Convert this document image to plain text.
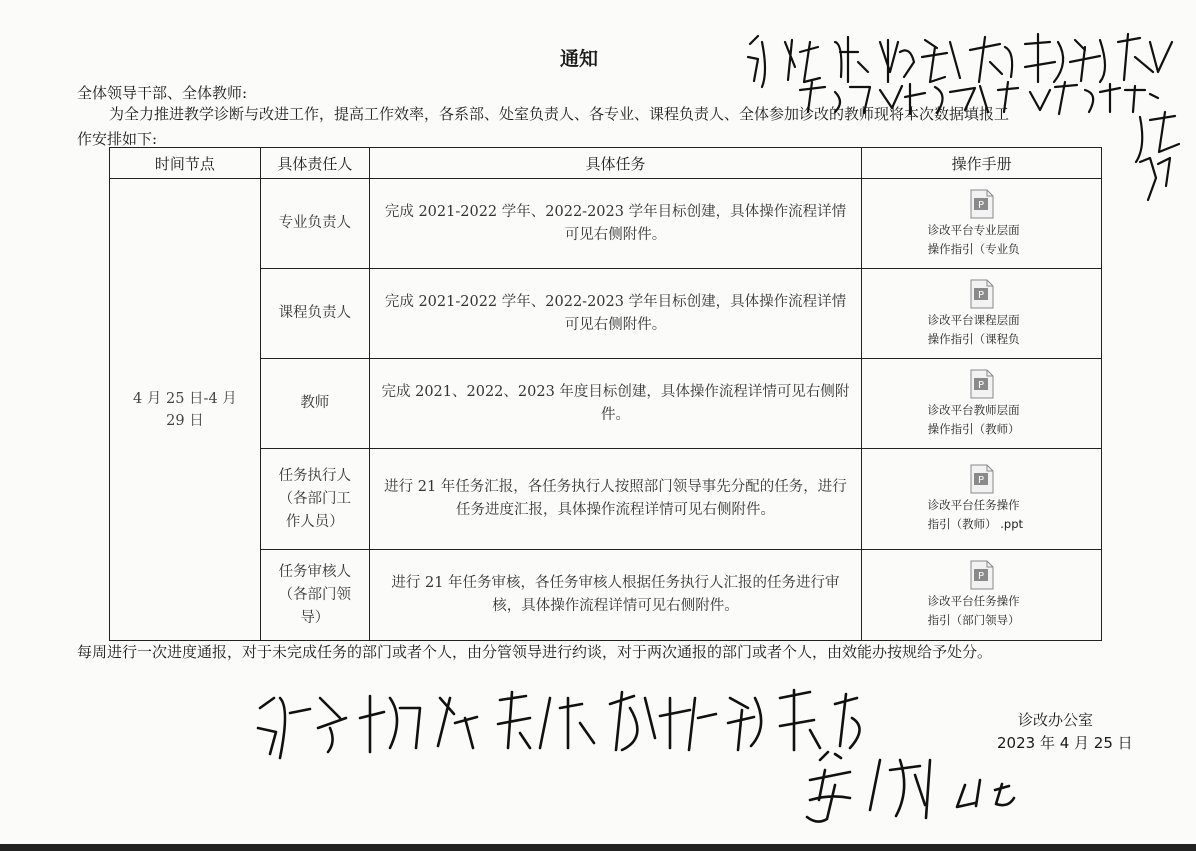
通知
全体领导干部、全体教师:
为全力推进教学诊断与改进工作，提高工作效率，各系部、处室负责人、各专业、课程负责人、全体参加诊改的教师现将本次数据填报工
作安排如下:
时间节点	具体责任人	具体任务	操作手册

4 月 25 日-4 月 29 日	专业负责人	完成 2021-2022 学年、2022-2023 学年目标创建，具体操作流程详情可见右侧附件。	P
诊改平台专业层面
操作指引（专业负

	课程负责人	完成 2021-2022 学年、2022-2023 学年目标创建，具体操作流程详情可见右侧附件。	P
诊改平台课程层面
操作指引（课程负

	教师	完成 2021、2022、2023 年度目标创建，具体操作流程详情可见右侧附件。	P
诊改平台教师层面
操作指引（教师）

	任务执行人（各部门工作人员）	进行 21 年任务汇报，各任务执行人按照部门领导事先分配的任务，进行任务进度汇报，具体操作流程详情可见右侧附件。	P
诊改平台任务操作
指引（教师） .ppt

	任务审核人（各部门领导）	进行 21 年任务审核，各任务审核人根据任务执行人汇报的任务进行审核，具体操作流程详情可见右侧附件。	P
诊改平台任务操作
指引（部门领导）
每周进行一次进度通报，对于未完成任务的部门或者个人，由分管领导进行约谈，对于两次通报的部门或者个人，由效能办按规给予处分。
诊改办公室
2023 年 4 月 25 日
